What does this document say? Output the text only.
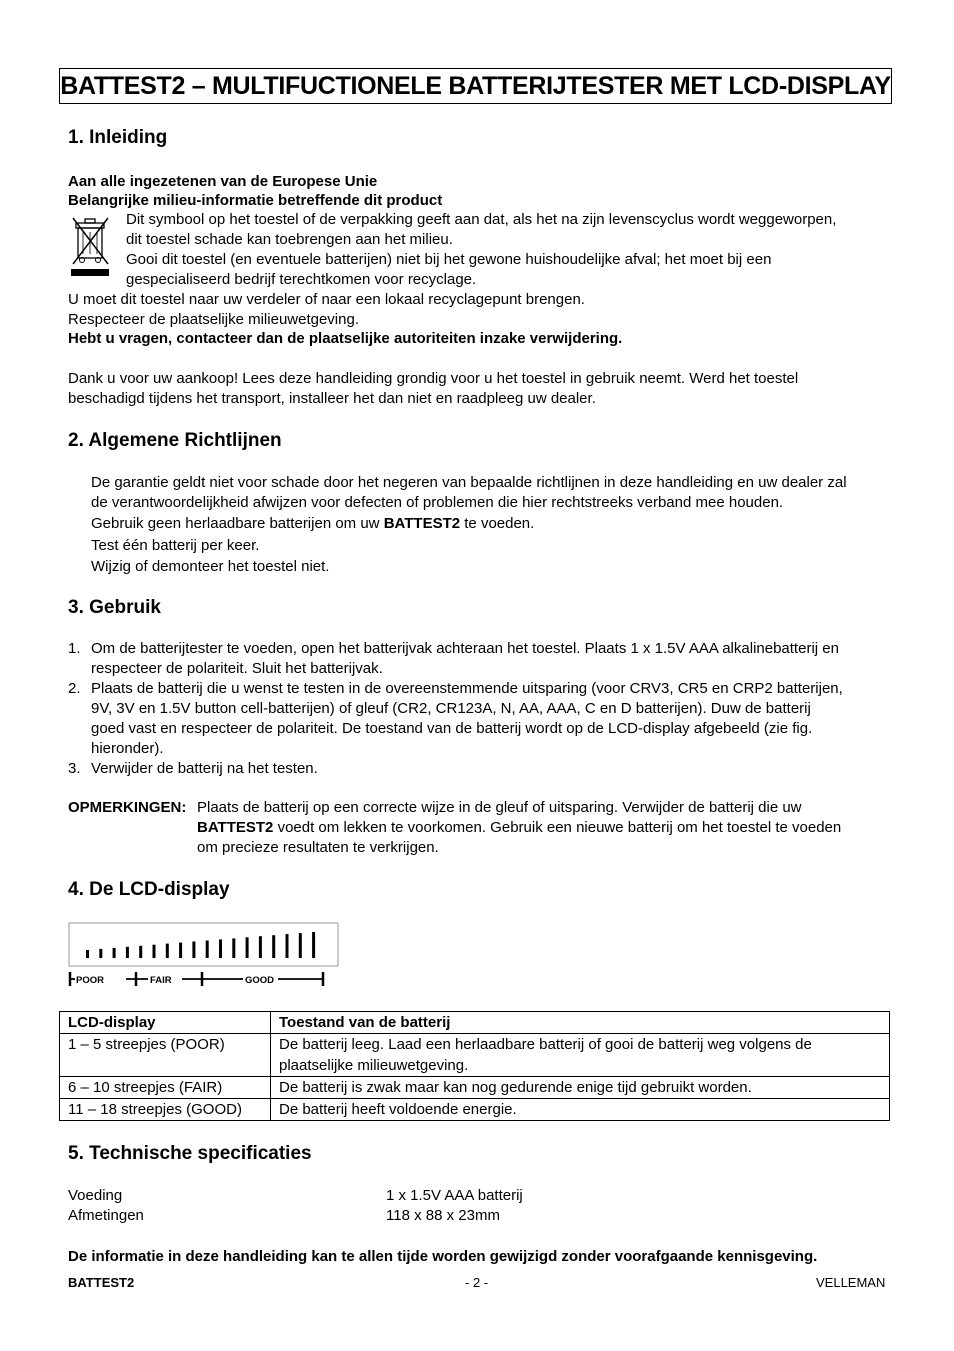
BATTEST2 – MULTIFUCTIONELE BATTERIJTESTER MET LCD-DISPLAY
1. Inleiding
Aan alle ingezetenen van de Europese Unie
Belangrijke milieu-informatie betreffende dit product
Dit symbool op het toestel of de verpakking geeft aan dat, als het na zijn levenscyclus wordt weggeworpen,
dit toestel schade kan toebrengen aan het milieu.
Gooi dit toestel (en eventuele batterijen) niet bij het gewone huishoudelijke afval; het moet bij een
gespecialiseerd bedrijf terechtkomen voor recyclage.
U moet dit toestel naar uw verdeler of naar een lokaal recyclagepunt brengen.
Respecteer de plaatselijke milieuwetgeving.
Hebt u vragen, contacteer dan de plaatselijke autoriteiten inzake verwijdering.
Dank u voor uw aankoop! Lees deze handleiding grondig voor u het toestel in gebruik neemt. Werd het toestel
beschadigd tijdens het transport, installeer het dan niet en raadpleeg uw dealer.
2. Algemene Richtlijnen
De garantie geldt niet voor schade door het negeren van bepaalde richtlijnen in deze handleiding en uw dealer zal
de verantwoordelijkheid afwijzen voor defecten of problemen die hier rechtstreeks verband mee houden.
Gebruik geen herlaadbare batterijen om uw BATTEST2 te voeden.
Test één batterij per keer.
Wijzig of demonteer het toestel niet.
3. Gebruik
1. Om de batterijtester te voeden, open het batterijvak achteraan het toestel. Plaats 1 x 1.5V AAA alkalinebatterij en
respecteer de polariteit. Sluit het batterijvak.
2. Plaats de batterij die u wenst te testen in de overeenstemmende uitsparing (voor CRV3, CR5 en CRP2 batterijen,
9V, 3V en 1.5V button cell-batterijen) of gleuf (CR2, CR123A, N, AA, AAA, C en D batterijen). Duw de batterij
goed vast en respecteer de polariteit. De toestand van de batterij wordt op de LCD-display afgebeeld (zie fig.
hieronder).
3. Verwijder de batterij na het testen.
OPMERKINGEN: Plaats de batterij op een correcte wijze in de gleuf of uitsparing. Verwijder de batterij die uw
BATTEST2 voedt om lekken te voorkomen. Gebruik een nieuwe batterij om het toestel te voeden
om precieze resultaten te verkrijgen.
4. De LCD-display
POOR	FAIR	GOOD
LCD-display	Toestand van de batterij
1 – 5 streepjes (POOR)	De batterij leeg. Laad een herlaadbare batterij of gooi de batterij weg volgens de
plaatselijke milieuwetgeving.

6 – 10 streepjes (FAIR)	De batterij is zwak maar kan nog gedurende enige tijd gebruikt worden.
11 – 18 streepjes (GOOD)	De batterij heeft voldoende energie.
5. Technische specificaties
Voeding	1 x 1.5V AAA batterij
Afmetingen	118 x 88 x 23mm
De informatie in deze handleiding kan te allen tijde worden gewijzigd zonder voorafgaande kennisgeving.
BATTEST2	- 2 -	VELLEMAN
